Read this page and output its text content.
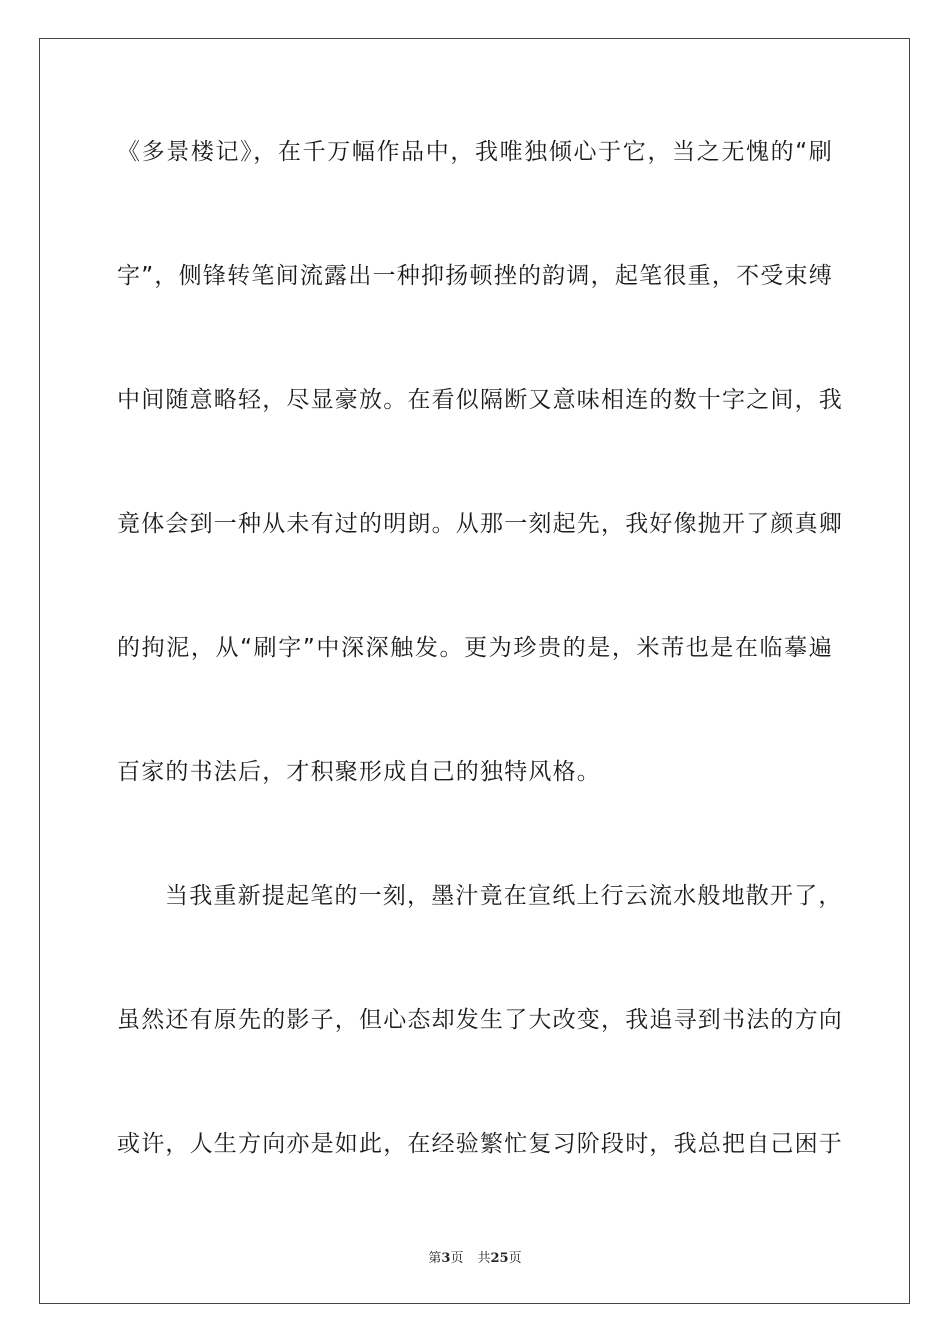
《多景楼记》，在千万幅作品中，我唯独倾心于它，当之无愧的“刷
字”，侧锋转笔间流露出一种抑扬顿挫的韵调，起笔很重，不受束缚
中间随意略轻，尽显豪放。在看似隔断又意味相连的数十字之间，我
竟体会到一种从未有过的明朗。从那一刻起先，我好像抛开了颜真卿
的拘泥，从“刷字”中深深触发。更为珍贵的是，米芾也是在临摹遍
百家的书法后，才积聚形成自己的独特风格。
当我重新提起笔的一刻，墨汁竟在宣纸上行云流水般地散开了，
虽然还有原先的影子，但心态却发生了大改变，我追寻到书法的方向
或许，人生方向亦是如此，在经验繁忙复习阶段时，我总把自己困于
第3页 共25页
